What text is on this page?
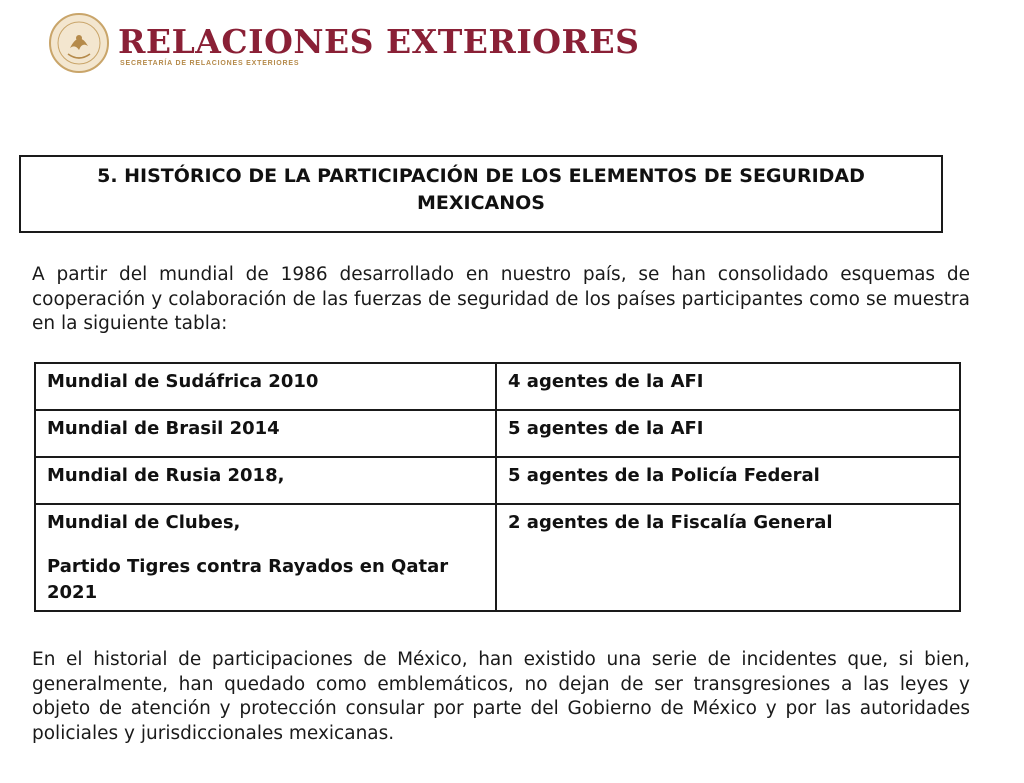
RELACIONES EXTERIORES
SECRETARÍA DE RELACIONES EXTERIORES

5. HISTÓRICO DE LA PARTICIPACIÓN DE LOS ELEMENTOS DE SEGURIDAD MEXICANOS

A partir del mundial de 1986 desarrollado en nuestro país, se han consolidado esquemas de cooperación y colaboración de las fuerzas de seguridad de los países participantes como se muestra en la siguiente tabla:

Mundial de Sudáfrica 2010	4 agentes de la AFI
Mundial de Brasil 2014	5 agentes de la AFI
Mundial de Rusia 2018,	5 agentes de la Policía Federal
Mundial de Clubes,
Partido Tigres contra Rayados en Qatar 2021	2 agentes de la Fiscalía General

En el historial de participaciones de México, han existido una serie de incidentes que, si bien, generalmente, han quedado como emblemáticos, no dejan de ser transgresiones a las leyes y objeto de atención y protección consular por parte del Gobierno de México y por las autoridades policiales y jurisdiccionales mexicanas.
